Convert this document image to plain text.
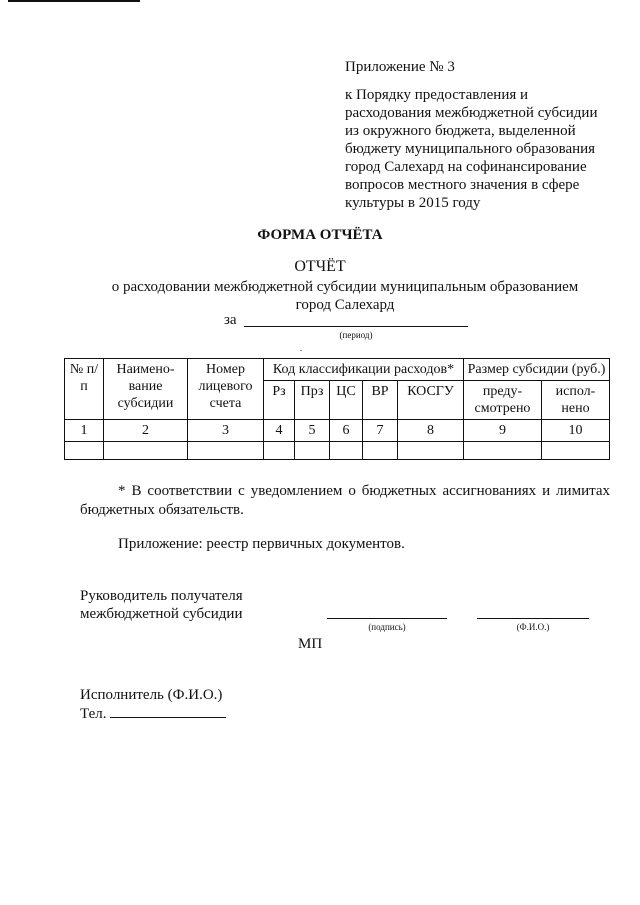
Приложение № 3
к Порядку предоставления и
расходования межбюджетной субсидии
из окружного бюджета, выделенной
бюджету муниципального образования
город Салехард на софинансирование
вопросов местного значения в сфере
культуры в 2015 году
ФОРМА ОТЧЁТА
ОТЧЁТ
о расходовании межбюджетной субсидии муниципальным образованием
город Салехард
за
(период)
-
№ п/п	Наимено- вание субсидии	Номер лицевого счета	Код классификации расходов*					Размер субсидии (руб.)	
			Рз	Прз	ЦС	ВР	КОСГУ	преду- смотрено	испол- нено
1	2	3	4	5	6	7	8	9	10

* В соответствии с уведомлением о бюджетных ассигнованиях и лимитах бюджетных обязательств.
Приложение: реестр первичных документов.
Руководитель получателя
межбюджетной субсидии
(подпись)	(Ф.И.О.)
МП
Исполнитель (Ф.И.О.)
Тел.
